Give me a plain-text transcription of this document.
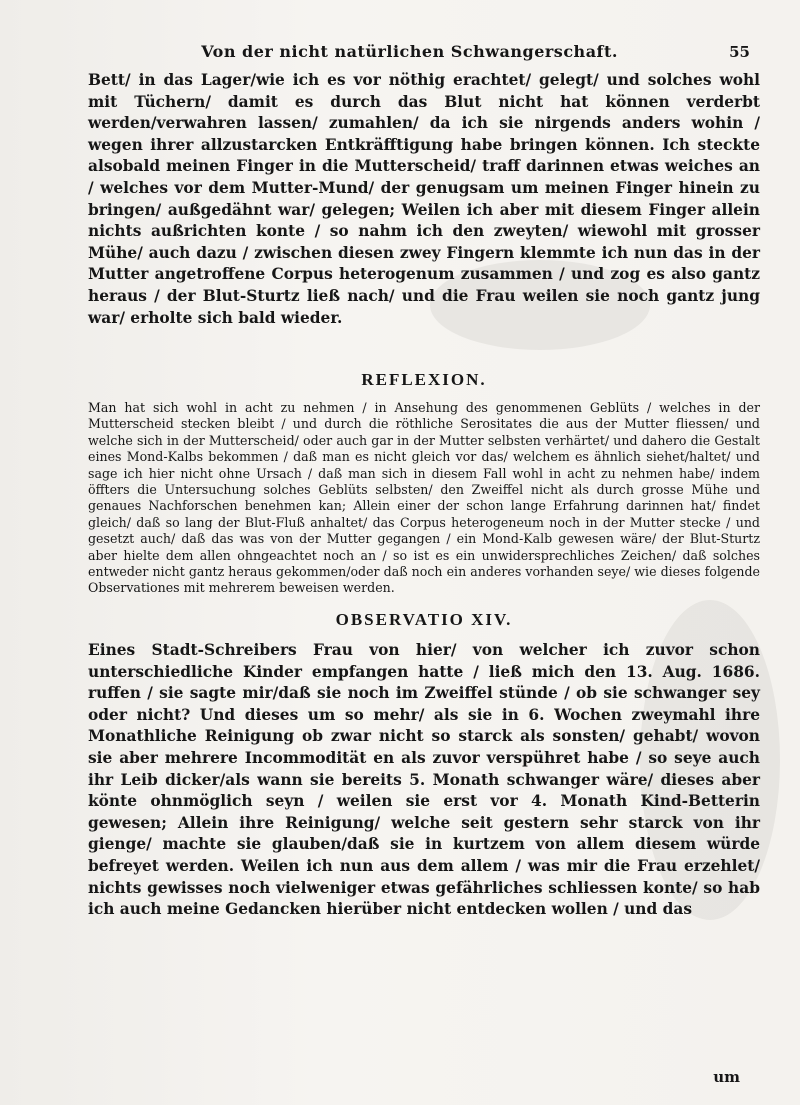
Von der nicht natürlichen Schwangerschaft.	55

Bett/ in das Lager/wie ich es vor nöthig erachtet/ gelegt/ und solches wohl mit Tüchern/ damit es durch das Blut nicht hat können verderbt werden/verwahren lassen/ zumahlen/ da ich sie nirgends anders wohin / wegen ihrer allzustarcken Entkräfftigung habe bringen können. Ich steckte alsobald meinen Finger in die Mutterscheid/ traff darinnen etwas weiches an / welches vor dem Mutter-Mund/ der genugsam um meinen Finger hinein zu bringen/ außgedähnt war/ gelegen; Weilen ich aber mit diesem Finger allein nichts außrichten konte / so nahm ich den zweyten/ wiewohl mit grosser Mühe/ auch dazu / zwischen diesen zwey Fingern klemmte ich nun das in der Mutter angetroffene Corpus heterogenum zusammen / und zog es also gantz heraus / der Blut-Sturtz ließ nach/ und die Frau weilen sie noch gantz jung war/ erholte sich bald wieder.

REFLEXION.

Man hat sich wohl in acht zu nehmen / in Ansehung des genommenen Geblüts / welches in der Mutterscheid stecken bleibt / und durch die röthliche Serositates die aus der Mutter fliessen/ und welche sich in der Mutterscheid/ oder auch gar in der Mutter selbsten verhärtet/ und dahero die Gestalt eines Mond-Kalbs bekommen / daß man es nicht gleich vor das/ welchem es ähnlich siehet/haltet/ und sage ich hier nicht ohne Ursach / daß man sich in diesem Fall wohl in acht zu nehmen habe/ indem öffters die Untersuchung solches Geblüts selbsten/ den Zweiffel nicht als durch grosse Mühe und genaues Nachforschen benehmen kan; Allein einer der schon lange Erfahrung darinnen hat/ findet gleich/ daß so lang der Blut-Fluß anhaltet/ das Corpus heterogeneum noch in der Mutter stecke / und gesetzt auch/ daß das was von der Mutter gegangen / ein Mond-Kalb gewesen wäre/ der Blut-Sturtz aber hielte dem allen ohngeachtet noch an / so ist es ein unwidersprechliches Zeichen/ daß solches entweder nicht gantz heraus gekommen/oder daß noch ein anderes vorhanden seye/ wie dieses folgende Observationes mit mehrerem beweisen werden.

OBSERVATIO XIV.

Eines Stadt-Schreibers Frau von hier/ von welcher ich zuvor schon unterschiedliche Kinder empfangen hatte / ließ mich den 13. Aug. 1686. ruffen / sie sagte mir/daß sie noch im Zweiffel stünde / ob sie schwanger sey oder nicht? Und dieses um so mehr/ als sie in 6. Wochen zweymahl ihre Monathliche Reinigung ob zwar nicht so starck als sonsten/ gehabt/ wovon sie aber mehrere Incommodität en als zuvor verspühret habe / so seye auch ihr Leib dicker/als wann sie bereits 5. Monath schwanger wäre/ dieses aber könte ohnmöglich seyn / weilen sie erst vor 4. Monath Kind-Betterin gewesen; Allein ihre Reinigung/ welche seit gestern sehr starck von ihr gienge/ machte sie glauben/daß sie in kurtzem von allem diesem würde befreyet werden. Weilen ich nun aus dem allem / was mir die Frau erzehlet/ nichts gewisses noch vielweniger etwas gefährliches schliessen konte/ so hab ich auch meine Gedancken hierüber nicht entdecken wollen / und das

um
